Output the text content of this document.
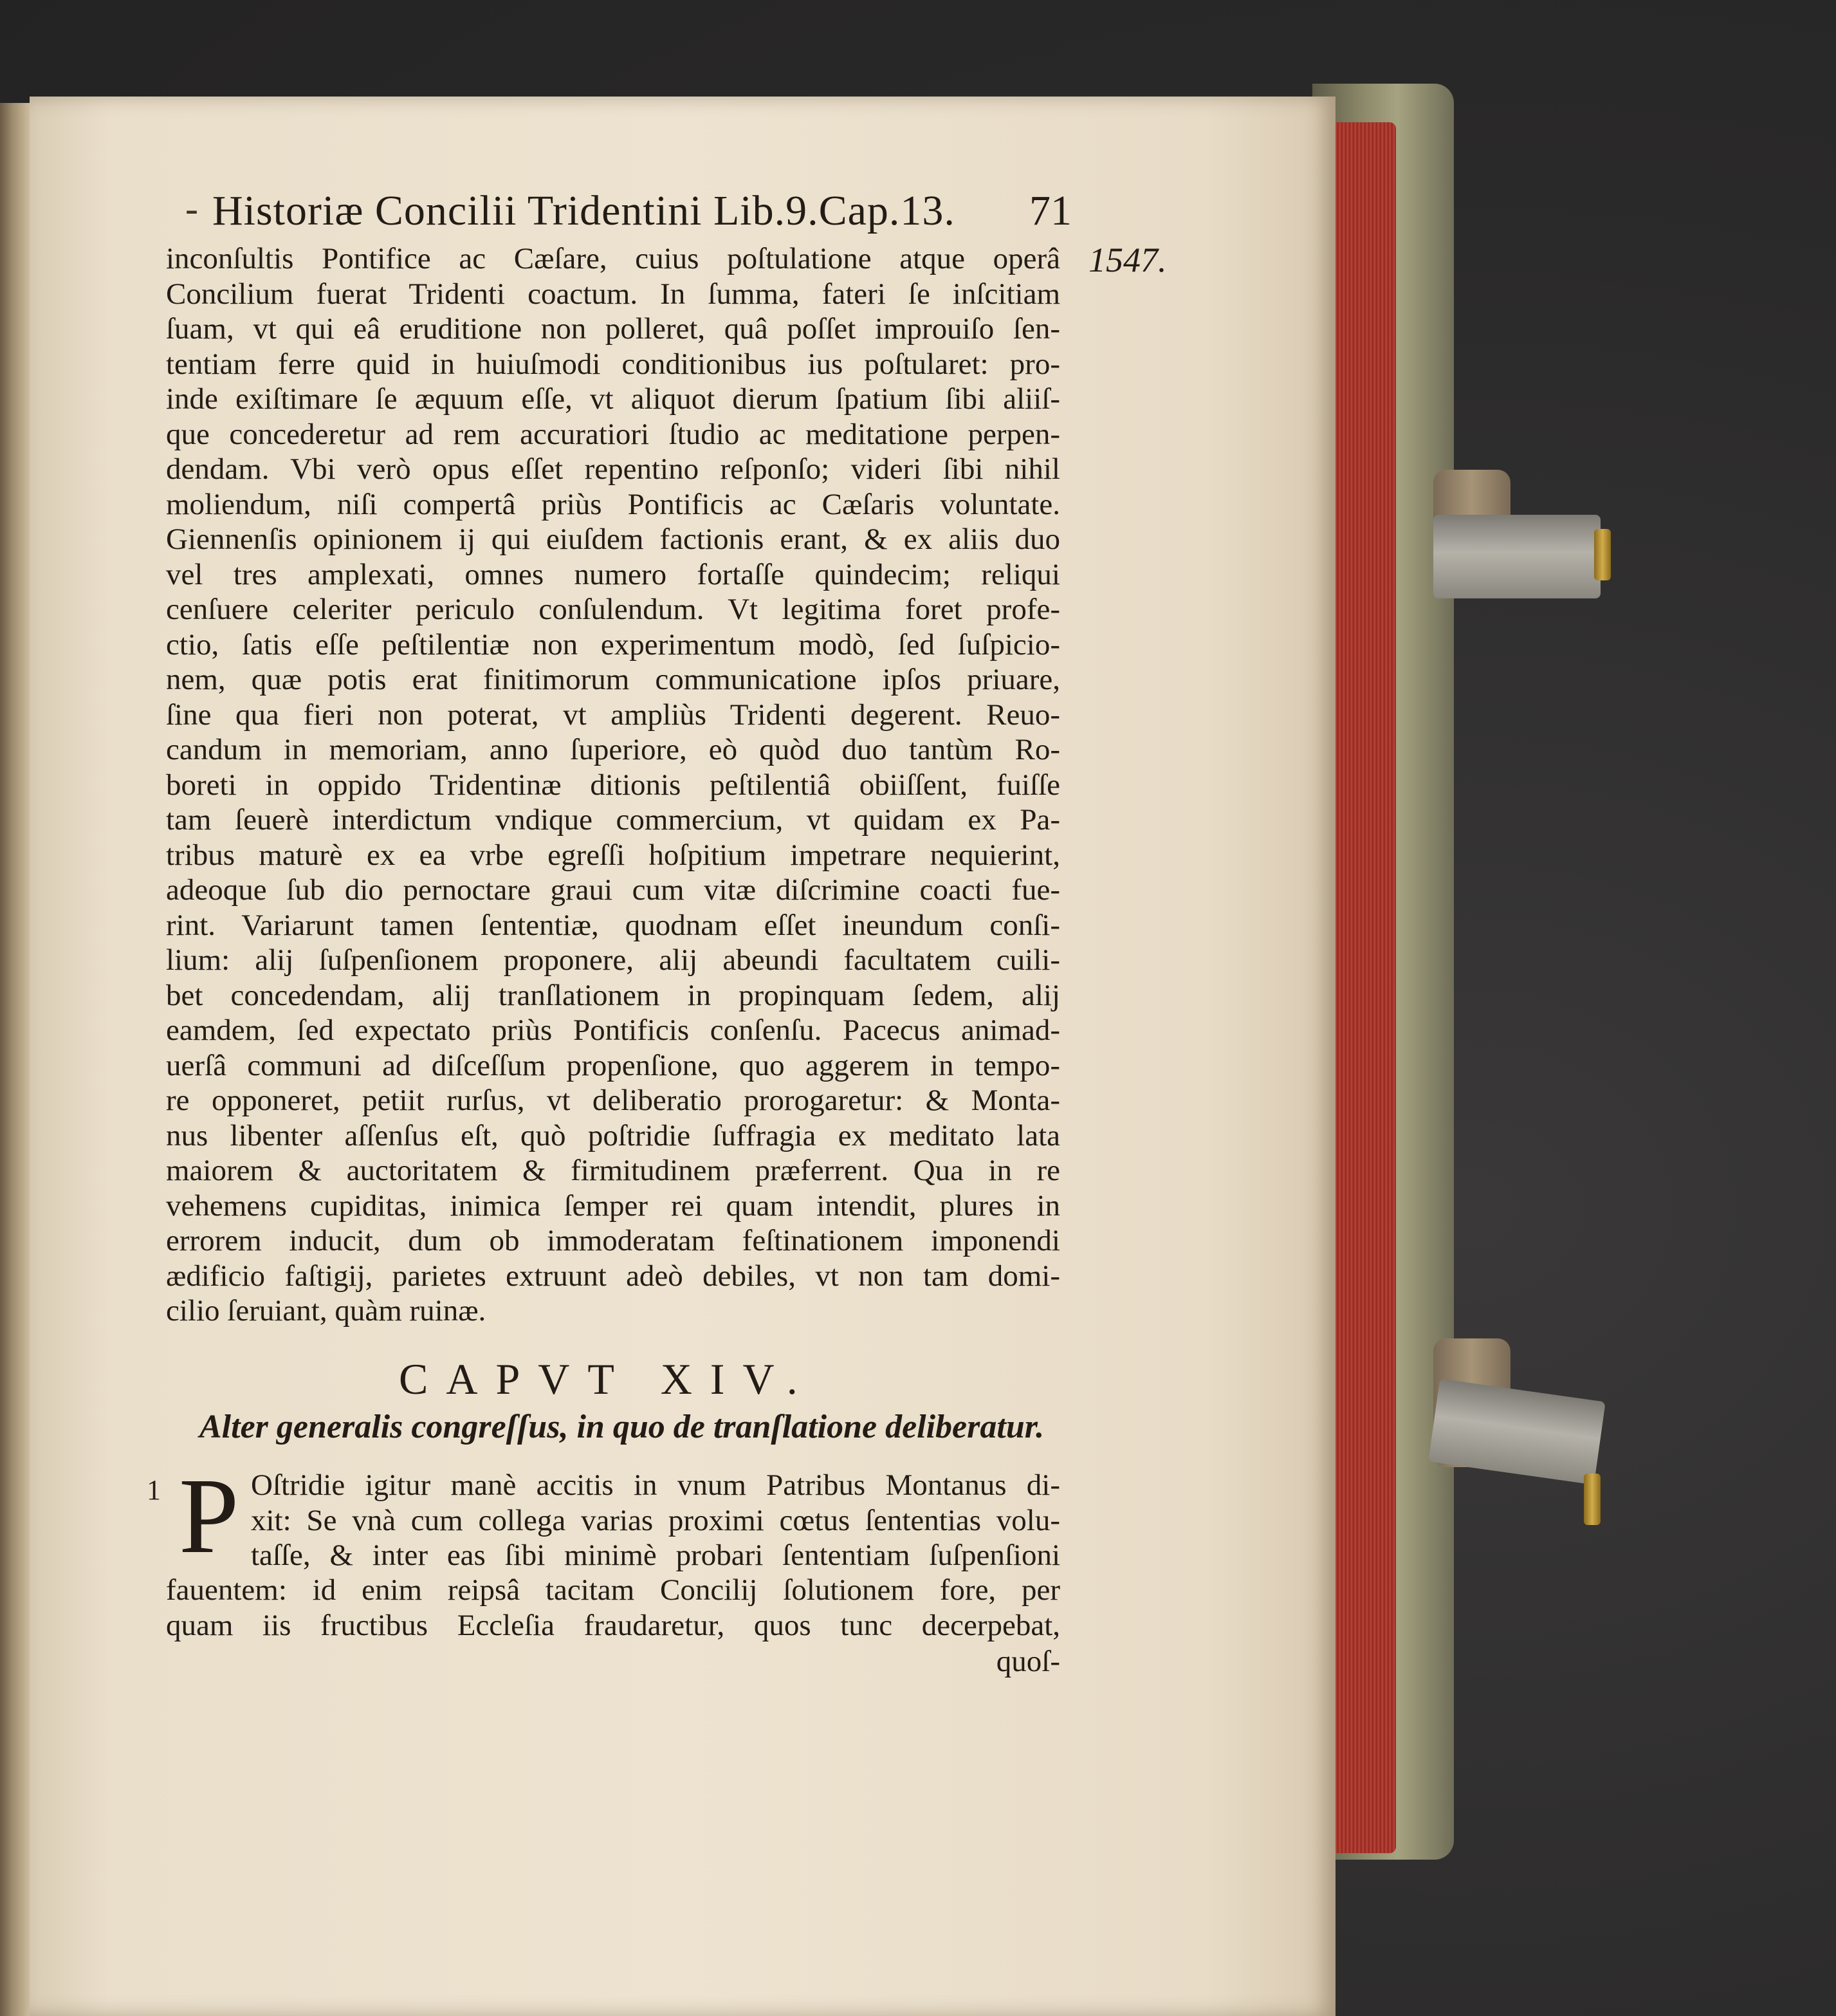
- Historiæ Concilii Tridentini Lib.9.Cap.13.	71
1547.
inconſultis Pontifice ac Cæſare, cuius poſtulatione atque operâ
Concilium fuerat Tridenti coactum. In ſumma, fateri ſe inſcitiam
ſuam, vt qui eâ eruditione non polleret, quâ poſſet improuiſo ſen-
tentiam ferre quid in huiuſmodi conditionibus ius poſtularet: pro-
inde exiſtimare ſe æquum eſſe, vt aliquot dierum ſpatium ſibi aliiſ-
que concederetur ad rem accuratiori ſtudio ac meditatione perpen-
dendam. Vbi verò opus eſſet repentino reſponſo; videri ſibi nihil
moliendum, niſi compertâ priùs Pontificis ac Cæſaris voluntate.
Giennenſis opinionem ij qui eiuſdem factionis erant, & ex aliis duo
vel tres amplexati, omnes numero fortaſſe quindecim; reliqui
cenſuere celeriter periculo conſulendum. Vt legitima foret profe-
ctio, ſatis eſſe peſtilentiæ non experimentum modò, ſed ſuſpicio-
nem, quæ potis erat finitimorum communicatione ipſos priuare,
ſine qua fieri non poterat, vt ampliùs Tridenti degerent. Reuo-
candum in memoriam, anno ſuperiore, eò quòd duo tantùm Ro-
boreti in oppido Tridentinæ ditionis peſtilentiâ obiiſſent, fuiſſe
tam ſeuerè interdictum vndique commercium, vt quidam ex Pa-
tribus maturè ex ea vrbe egreſſi hoſpitium impetrare nequierint,
adeoque ſub dio pernoctare graui cum vitæ diſcrimine coacti fue-
rint. Variarunt tamen ſententiæ, quodnam eſſet ineundum conſi-
lium: alij ſuſpenſionem proponere, alij abeundi facultatem cuili-
bet concedendam, alij tranſlationem in propinquam ſedem, alij
eamdem, ſed expectato priùs Pontificis conſenſu. Pacecus animad-
uerſâ communi ad diſceſſum propenſione, quo aggerem in tempo-
re opponeret, petiit rurſus, vt deliberatio prorogaretur: & Monta-
nus libenter aſſenſus eſt, quò poſtridie ſuffragia ex meditato lata
maiorem & auctoritatem & firmitudinem præferrent. Qua in re
vehemens cupiditas, inimica ſemper rei quam intendit, plures in
errorem inducit, dum ob immoderatam feſtinationem imponendi
ædificio faſtigij, parietes extruunt adeò debiles, vt non tam domi-
cilio ſeruiant, quàm ruinæ.
CAPVT XIV.
Alter generalis congreſſus, in quo de tranſlatione deliberatur.
1 P Oſtridie igitur manè accitis in vnum Patribus Montanus di-
xit: Se vnà cum collega varias proximi cœtus ſententias volu-
taſſe, & inter eas ſibi minimè probari ſententiam ſuſpenſioni
fauentem: id enim reipsâ tacitam Concilij ſolutionem fore, per
quam iis fructibus Eccleſia fraudaretur, quos tunc decerpebat,
quoſ-
